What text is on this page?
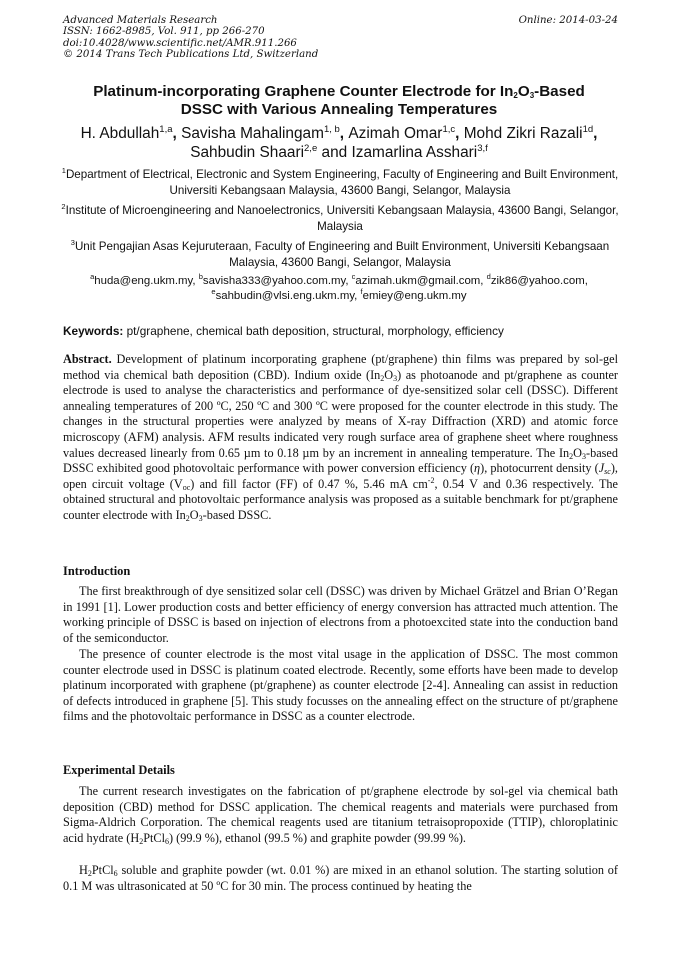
Advanced Materials Research
ISSN: 1662-8985, Vol. 911, pp 266-270
doi:10.4028/www.scientific.net/AMR.911.266
© 2014 Trans Tech Publications Ltd, Switzerland
Online: 2014-03-24
Platinum-incorporating Graphene Counter Electrode for $In_2O_3$-Based
DSSC with Various Annealing Temperatures
H. Abdullah$^{1,a}$, Savisha Mahalingam$^{1, b}$, Azimah Omar$^{1,c}$, Mohd Zikri Razali$^{1d}$,
Sahbudin Shaari$^{2,e}$ and Izamarlina Asshari$^{3,f}$
$^1$Department of Electrical, Electronic and System Engineering, Faculty of Engineering and Built Environment, Universiti Kebangsaan Malaysia, 43600 Bangi, Selangor, Malaysia
$^2$Institute of Microengineering and Nanoelectronics, Universiti Kebangsaan Malaysia, 43600 Bangi, Selangor, Malaysia
$^3$Unit Pengajian Asas Kejuruteraan, Faculty of Engineering and Built Environment, Universiti Kebangsaan Malaysia, 43600 Bangi, Selangor, Malaysia
$^a$huda@eng.ukm.my, $^b$savisha333@yahoo.com.my, $^c$azimah.ukm@gmail.com, $^d$zik86@yahoo.com,
$^e$sahbudin@vlsi.eng.ukm.my, $^f$emiey@eng.ukm.my
Keywords: pt/graphene, chemical bath deposition, structural, morphology, efficiency
Abstract. Development of platinum incorporating graphene (pt/graphene) thin films was prepared by sol-gel method via chemical bath deposition (CBD). Indium oxide $(In_2O_3)$ as photoanode and pt/graphene as counter electrode is used to analyse the characteristics and performance of dye-sensitized solar cell (DSSC). Different annealing temperatures of 200 ºC, 250 ºC and 300 ºC were proposed for the counter electrode in this study. The changes in the structural properties were analyzed by means of X-ray Diffraction (XRD) and atomic force microscopy (AFM) analysis. AFM results indicated very rough surface area of graphene sheet where roughness values decreased linearly from 0.65 µm to 0.18 µm by an increment in annealing temperature. The $In_2O_3$-based DSSC exhibited good photovoltaic performance with power conversion efficiency (η), photocurrent density $(J_{sc})$, open circuit voltage $(V_{oc})$ and fill factor (FF) of 0.47 %, 5.46 mA $cm^{-2}$, 0.54 V and 0.36 respectively. The obtained structural and photovoltaic performance analysis was proposed as a suitable benchmark for pt/graphene counter electrode with $In_2O_3$-based DSSC.
Introduction
The first breakthrough of dye sensitized solar cell (DSSC) was driven by Michael Grätzel and Brian O’Regan in 1991 [1]. Lower production costs and better efficiency of energy conversion has attracted much attention. The working principle of DSSC is based on injection of electrons from a photoexcited state into the conduction band of the semiconductor.
The presence of counter electrode is the most vital usage in the application of DSSC. The most common counter electrode used in DSSC is platinum coated electrode. Recently, some efforts have been made to develop platinum incorporated with graphene (pt/graphene) as counter electrode [2-4]. Annealing can assist in reduction of defects introduced in graphene [5]. This study focusses on the annealing effect on the structure of pt/graphene films and the photovoltaic performance in DSSC as a counter electrode.
Experimental Details
The current research investigates on the fabrication of pt/graphene electrode by sol-gel via chemical bath deposition (CBD) method for DSSC application. The chemical reagents and materials were purchased from Sigma-Aldrich Corporation. The chemical reagents used are titanium tetraisopropoxide (TTIP), chloroplatinic acid hydrate $(H_2PtCl_6)$ (99.9 %), ethanol (99.5 %) and graphite powder (99.99 %).
$H_2PtCl_6$ soluble and graphite powder (wt. 0.01 %) are mixed in an ethanol solution. The starting solution of 0.1 M was ultrasonicated at 50 ºC for 30 min. The process continued by heating the
